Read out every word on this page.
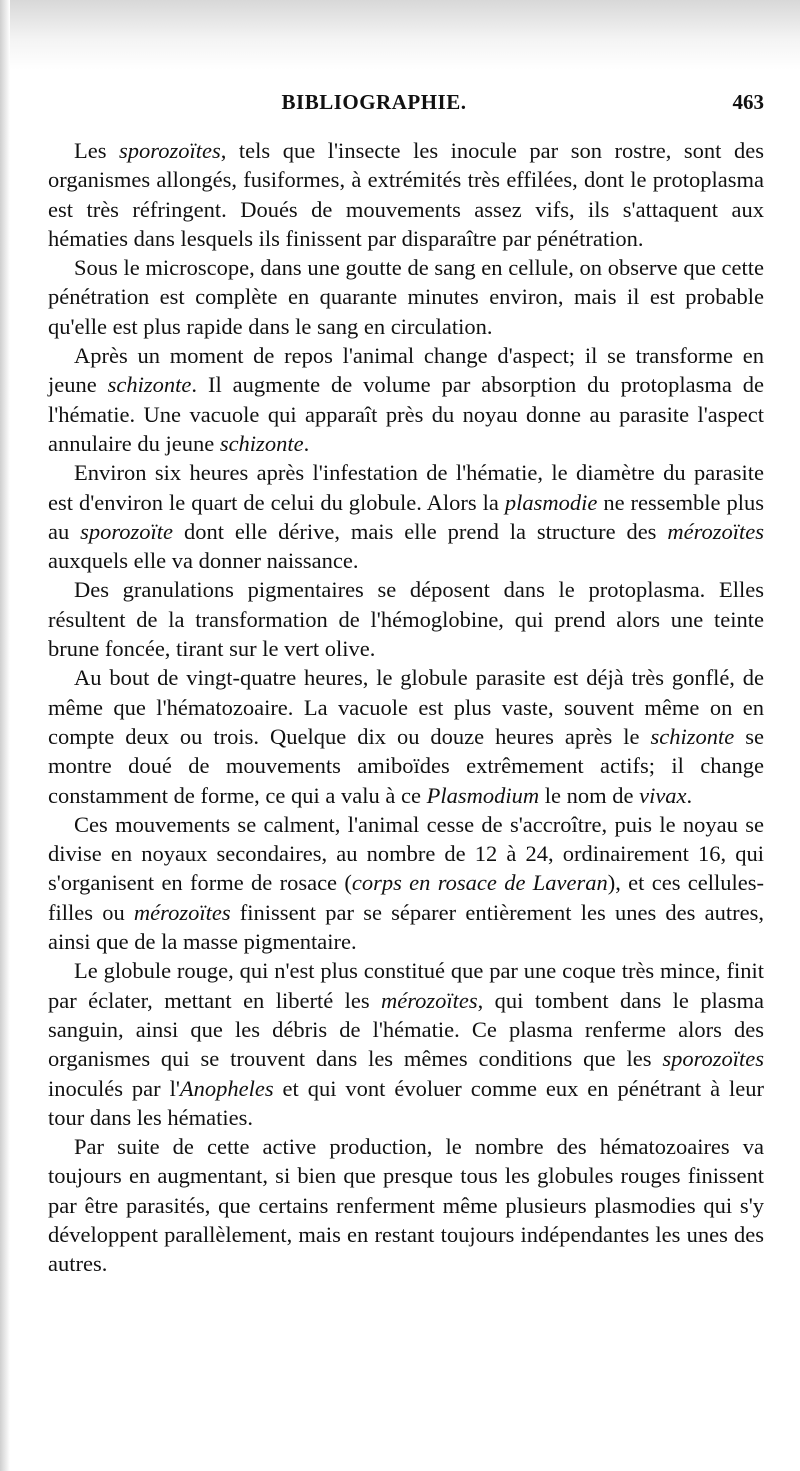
BIBLIOGRAPHIE.	463

Les sporozoïtes, tels que l'insecte les inocule par son rostre, sont des organismes allongés, fusiformes, à extrémités très effilées, dont le protoplasma est très réfringent. Doués de mouvements assez vifs, ils s'attaquent aux hématies dans lesquels ils finissent par disparaître par pénétration.

Sous le microscope, dans une goutte de sang en cellule, on observe que cette pénétration est complète en quarante minutes environ, mais il est probable qu'elle est plus rapide dans le sang en circulation.

Après un moment de repos l'animal change d'aspect; il se transforme en jeune schizonte. Il augmente de volume par absorption du protoplasma de l'hématie. Une vacuole qui apparaît près du noyau donne au parasite l'aspect annulaire du jeune schizonte.

Environ six heures après l'infestation de l'hématie, le diamètre du parasite est d'environ le quart de celui du globule. Alors la plasmodie ne ressemble plus au sporozoïte dont elle dérive, mais elle prend la structure des mérozoïtes auxquels elle va donner naissance.

Des granulations pigmentaires se déposent dans le protoplasma. Elles résultent de la transformation de l'hémoglobine, qui prend alors une teinte brune foncée, tirant sur le vert olive.

Au bout de vingt-quatre heures, le globule parasite est déjà très gonflé, de même que l'hématozoaire. La vacuole est plus vaste, souvent même on en compte deux ou trois. Quelque dix ou douze heures après le schizonte se montre doué de mouvements amiboïdes extrêmement actifs; il change constamment de forme, ce qui a valu à ce Plasmodium le nom de vivax.

Ces mouvements se calment, l'animal cesse de s'accroître, puis le noyau se divise en noyaux secondaires, au nombre de 12 à 24, ordinairement 16, qui s'organisent en forme de rosace (corps en rosace de Laveran), et ces cellules-filles ou mérozoïtes finissent par se séparer entièrement les unes des autres, ainsi que de la masse pigmentaire.

Le globule rouge, qui n'est plus constitué que par une coque très mince, finit par éclater, mettant en liberté les mérozoïtes, qui tombent dans le plasma sanguin, ainsi que les débris de l'hématie. Ce plasma renferme alors des organismes qui se trouvent dans les mêmes conditions que les sporozoïtes inoculés par l'Anopheles et qui vont évoluer comme eux en pénétrant à leur tour dans les hématies.

Par suite de cette active production, le nombre des hématozoaires va toujours en augmentant, si bien que presque tous les globules rouges finissent par être parasités, que certains renferment même plusieurs plasmodies qui s'y développent parallèlement, mais en restant toujours indépendantes les unes des autres.
